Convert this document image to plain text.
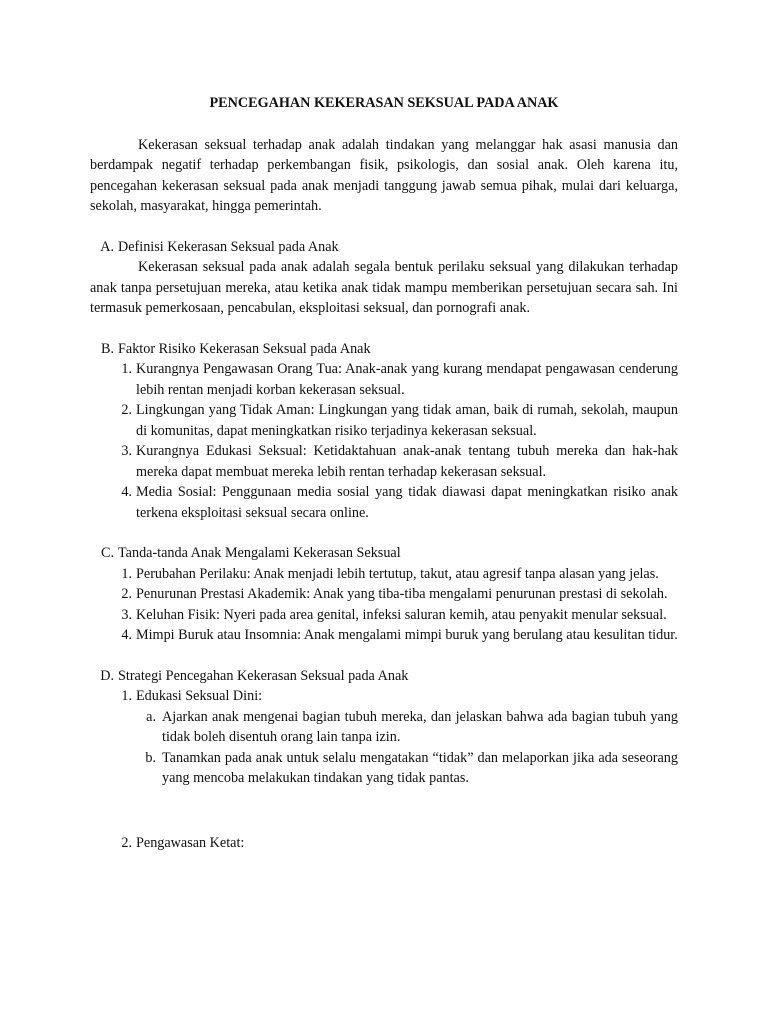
PENCEGAHAN KEKERASAN SEKSUAL PADA ANAK

Kekerasan seksual terhadap anak adalah tindakan yang melanggar hak asasi manusia dan berdampak negatif terhadap perkembangan fisik, psikologis, dan sosial anak. Oleh karena itu, pencegahan kekerasan seksual pada anak menjadi tanggung jawab semua pihak, mulai dari keluarga, sekolah, masyarakat, hingga pemerintah.

A. Definisi Kekerasan Seksual pada Anak

Kekerasan seksual pada anak adalah segala bentuk perilaku seksual yang dilakukan terhadap anak tanpa persetujuan mereka, atau ketika anak tidak mampu memberikan persetujuan secara sah. Ini termasuk pemerkosaan, pencabulan, eksploitasi seksual, dan pornografi anak.

B. Faktor Risiko Kekerasan Seksual pada Anak
1. Kurangnya Pengawasan Orang Tua: Anak-anak yang kurang mendapat pengawasan cenderung lebih rentan menjadi korban kekerasan seksual.
2. Lingkungan yang Tidak Aman: Lingkungan yang tidak aman, baik di rumah, sekolah, maupun di komunitas, dapat meningkatkan risiko terjadinya kekerasan seksual.
3. Kurangnya Edukasi Seksual: Ketidaktahuan anak-anak tentang tubuh mereka dan hak-hak mereka dapat membuat mereka lebih rentan terhadap kekerasan seksual.
4. Media Sosial: Penggunaan media sosial yang tidak diawasi dapat meningkatkan risiko anak terkena eksploitasi seksual secara online.
C. Tanda-tanda Anak Mengalami Kekerasan Seksual
1. Perubahan Perilaku: Anak menjadi lebih tertutup, takut, atau agresif tanpa alasan yang jelas.
2. Penurunan Prestasi Akademik: Anak yang tiba-tiba mengalami penurunan prestasi di sekolah.
3. Keluhan Fisik: Nyeri pada area genital, infeksi saluran kemih, atau penyakit menular seksual.
4. Mimpi Buruk atau Insomnia: Anak mengalami mimpi buruk yang berulang atau kesulitan tidur.
D. Strategi Pencegahan Kekerasan Seksual pada Anak
1. Edukasi Seksual Dini:
a. Ajarkan anak mengenai bagian tubuh mereka, dan jelaskan bahwa ada bagian tubuh yang tidak boleh disentuh orang lain tanpa izin.
b. Tanamkan pada anak untuk selalu mengatakan “tidak” dan melaporkan jika ada seseorang yang mencoba melakukan tindakan yang tidak pantas.
2. Pengawasan Ketat:
